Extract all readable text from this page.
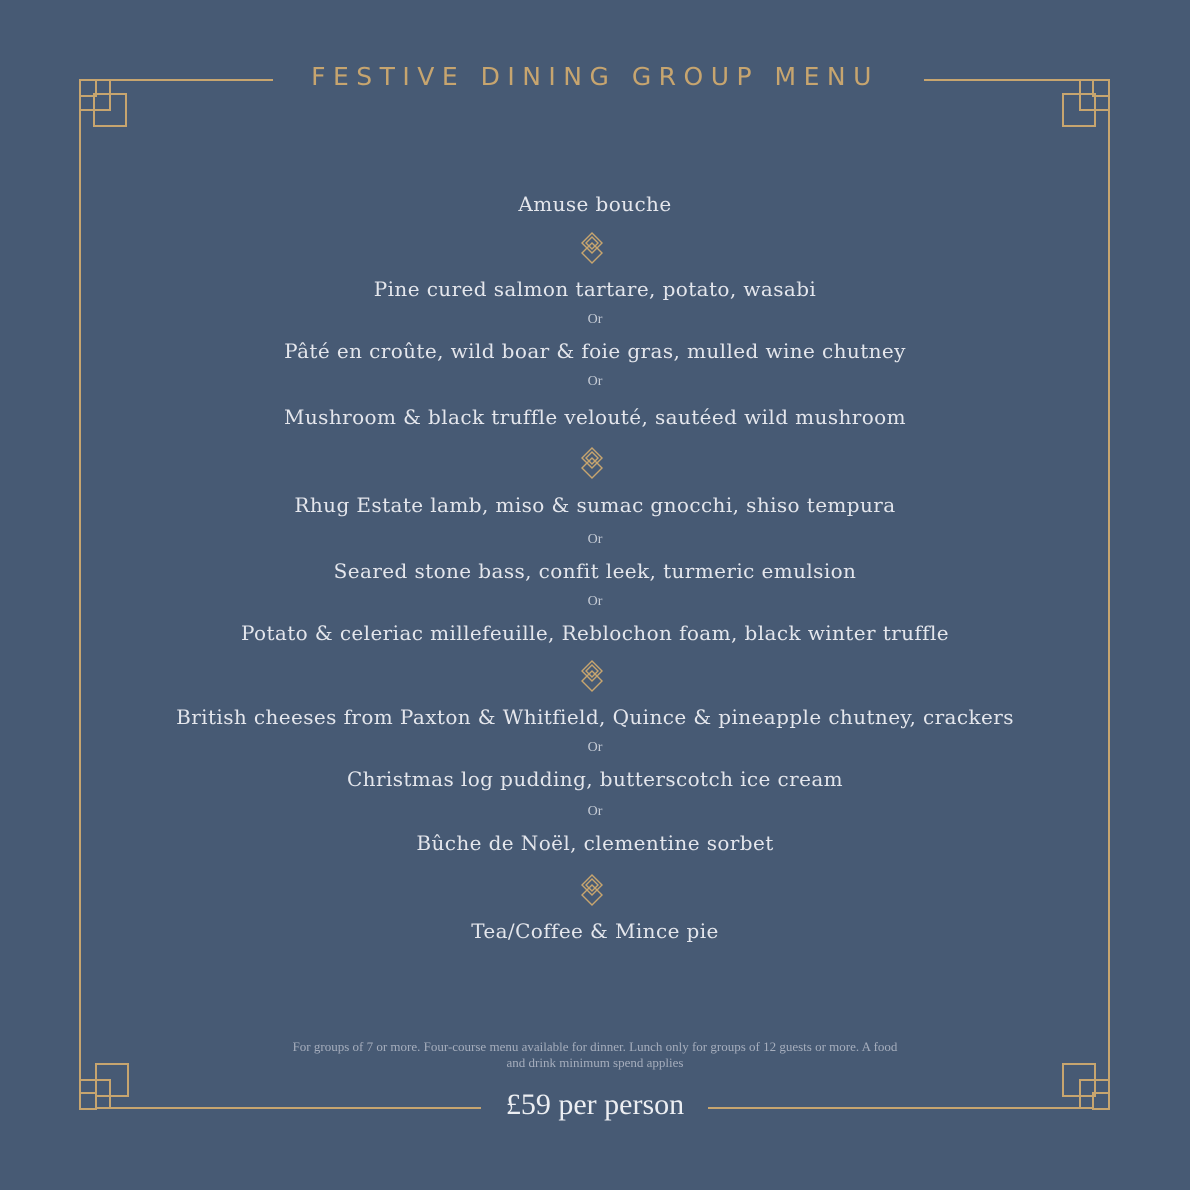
FESTIVE DINING GROUP MENU
Amuse bouche
Pine cured salmon tartare, potato, wasabi
Or
Pâté en croûte, wild boar & foie gras, mulled wine chutney
Or
Mushroom & black truffle velouté, sautéed wild mushroom
Rhug Estate lamb, miso & sumac gnocchi, shiso tempura
Or
Seared stone bass, confit leek, turmeric emulsion
Or
Potato & celeriac millefeuille, Reblochon foam, black winter truffle
British cheeses from Paxton & Whitfield, Quince & pineapple chutney, crackers
Or
Christmas log pudding, butterscotch ice cream
Or
Bûche de Noël, clementine sorbet
Tea/Coffee & Mince pie
For groups of 7 or more. Four-course menu available for dinner. Lunch only for groups of 12 guests or more. A food and drink minimum spend applies
£59 per person
